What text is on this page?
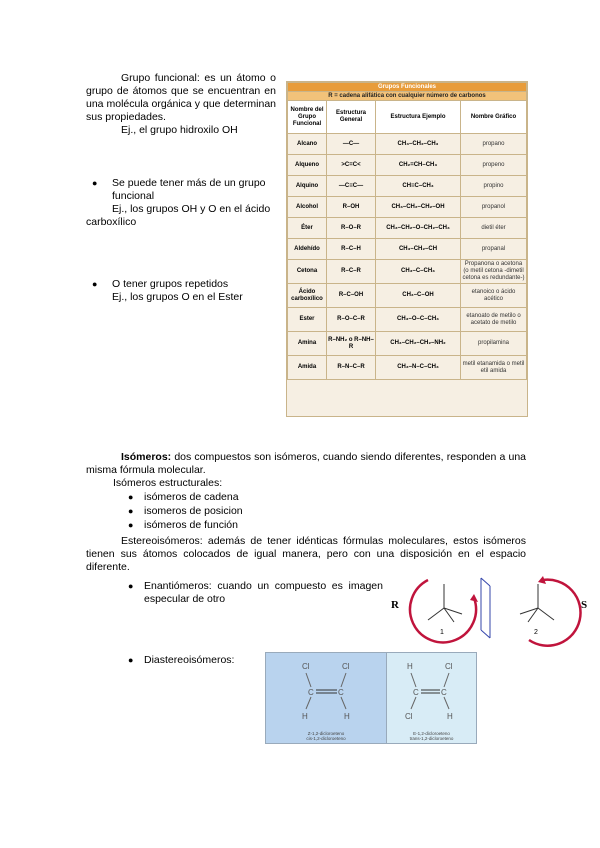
Grupo funcional: es un átomo o grupo de átomos que se encuentran en una molécula orgánica y que determinan sus propiedades.

Ej., el grupo hidroxilo OH

●	Se puede tener más de un grupo funcional

Ej., los grupos OH y O en el ácido carboxílico

●	O tener grupos repetidos

Ej., los grupos O en el Ester

Grupos Funcionales			
R = cadena alifática con cualquier número de carbonos			
Nombre del Grupo Funcional	Estructura General	Estructura Ejemplo	Nombre Gráfico
Alcano	—C—	CH₃–CH₂–CH₃	propano
Alqueno	>C=C<	CH₂=CH–CH₃	propeno
Alquino	—C≡C—	CH≡C–CH₃	propino
Alcohol	R–OH	CH₃–CH₂–CH₂–OH	propanol
Éter	R–O–R	CH₃–CH₂–O–CH₂–CH₃	dietil éter
Aldehído	R–C–H	CH₃–CH₂–CH	propanal
Cetona	R–C–R	CH₃–C–CH₃	Propanona o acetona (o metil cetona -dimetil cetona es redundante-)
Ácido carboxílico	R–C–OH	CH₃–C–OH	etanoico o ácido acético
Ester	R–O–C–R	CH₃–O–C–CH₃	etanoato de metilo o acetato de metilo
Amina	R–NH₂ o R–NH–R	CH₃–CH₂–CH₂–NH₂	propilamina
Amida	R–N–C–R	CH₃–N–C–CH₃	metil etanamida o metil etil amida

Isómeros: dos compuestos son isómeros, cuando siendo diferentes, responden a una misma fórmula molecular.

Isómeros estructurales:
● isómeros de cadena
● isomeros de posicion
● isómeros de función

Estereoisómeros: además de tener idénticas fórmulas moleculares, estos isómeros tienen sus átomos colocados de igual manera, pero con una disposición en el espacio diferente.

●	Enantiómeros: cuando un compuesto es imagen especular de otro

● Diastereoisómeros:
R	S
1	2
Cl	Cl
C	C
H	H
Z-1,2-dicloroeteno
cis-1,2-dicloroeteno
H	Cl
C	C
Cl	H
E-1,2-dicloroeteno
trans-1,2-dicloroeteno
